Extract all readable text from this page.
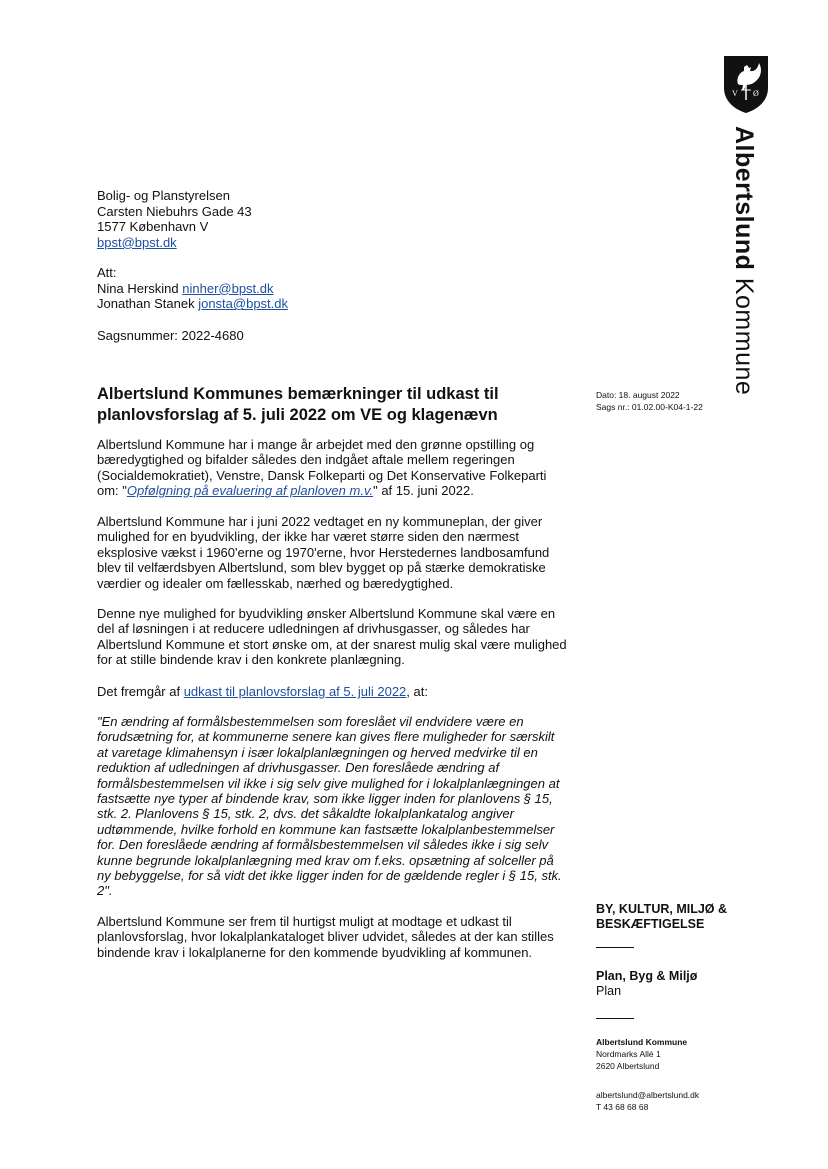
V Ø
Albertslund Kommune
Bolig- og Planstyrelsen
Carsten Niebuhrs Gade 43
1577 København V
bpst@bpst.dk
Att:
Nina Herskind ninher@bpst.dk
Jonathan Stanek jonsta@bpst.dk
Sagsnummer: 2022-4680
Albertslund Kommunes bemærkninger til udkast til planlovsforslag af 5. juli 2022 om VE og klagenævn
Dato: 18. august 2022
Sags nr.: 01.02.00-K04-1-22

Albertslund Kommune har i mange år arbejdet med den grønne opstilling og bæredygtighed og bifalder således den indgået aftale mellem regeringen (Socialdemokratiet), Venstre, Dansk Folkeparti og Det Konservative Folkeparti om: "Opfølgning på evaluering af planloven m.v." af 15. juni 2022.

Albertslund Kommune har i juni 2022 vedtaget en ny kommuneplan, der giver mulighed for en byudvikling, der ikke har været større siden den nærmest eksplosive vækst i 1960'erne og 1970'erne, hvor Herstedernes landbosamfund blev til velfærdsbyen Albertslund, som blev bygget op på stærke demokratiske værdier og idealer om fællesskab, nærhed og bæredygtighed.

Denne nye mulighed for byudvikling ønsker Albertslund Kommune skal være en del af løsningen i at reducere udledningen af drivhusgasser, og således har Albertslund Kommune et stort ønske om, at der snarest mulig skal være mulighed for at stille bindende krav i den konkrete planlægning.

Det fremgår af udkast til planlovsforslag af 5. juli 2022, at:

"En ændring af formålsbestemmelsen som foreslået vil endvidere være en forudsætning for, at kommunerne senere kan gives flere muligheder for særskilt at varetage klimahensyn i især lokalplanlægningen og herved medvirke til en reduktion af udledningen af drivhusgasser. Den foreslåede ændring af formålsbestemmelsen vil ikke i sig selv give mulighed for i lokalplanlægningen at fastsætte nye typer af bindende krav, som ikke ligger inden for planlovens § 15, stk. 2. Planlovens § 15, stk. 2, dvs. det såkaldte lokalplankatalog angiver udtømmende, hvilke forhold en kommune kan fastsætte lokalplanbestemmelser for. Den foreslåede ændring af formålsbestemmelsen vil således ikke i sig selv kunne begrunde lokalplanlægning med krav om f.eks. opsætning af solceller på ny bebyggelse, for så vidt det ikke ligger inden for de gældende regler i § 15, stk. 2".

Albertslund Kommune ser frem til hurtigst muligt at modtage et udkast til planlovsforslag, hvor lokalplankataloget bliver udvidet, således at der kan stilles bindende krav i lokalplanerne for den kommende byudvikling af kommunen.

BY, KULTUR, MILJØ & BESKÆFTIGELSE
Plan, Byg & Miljø
Plan
Albertslund Kommune
Nordmarks Allé 1
2620 Albertslund
albertslund@albertslund.dk
T 43 68 68 68
